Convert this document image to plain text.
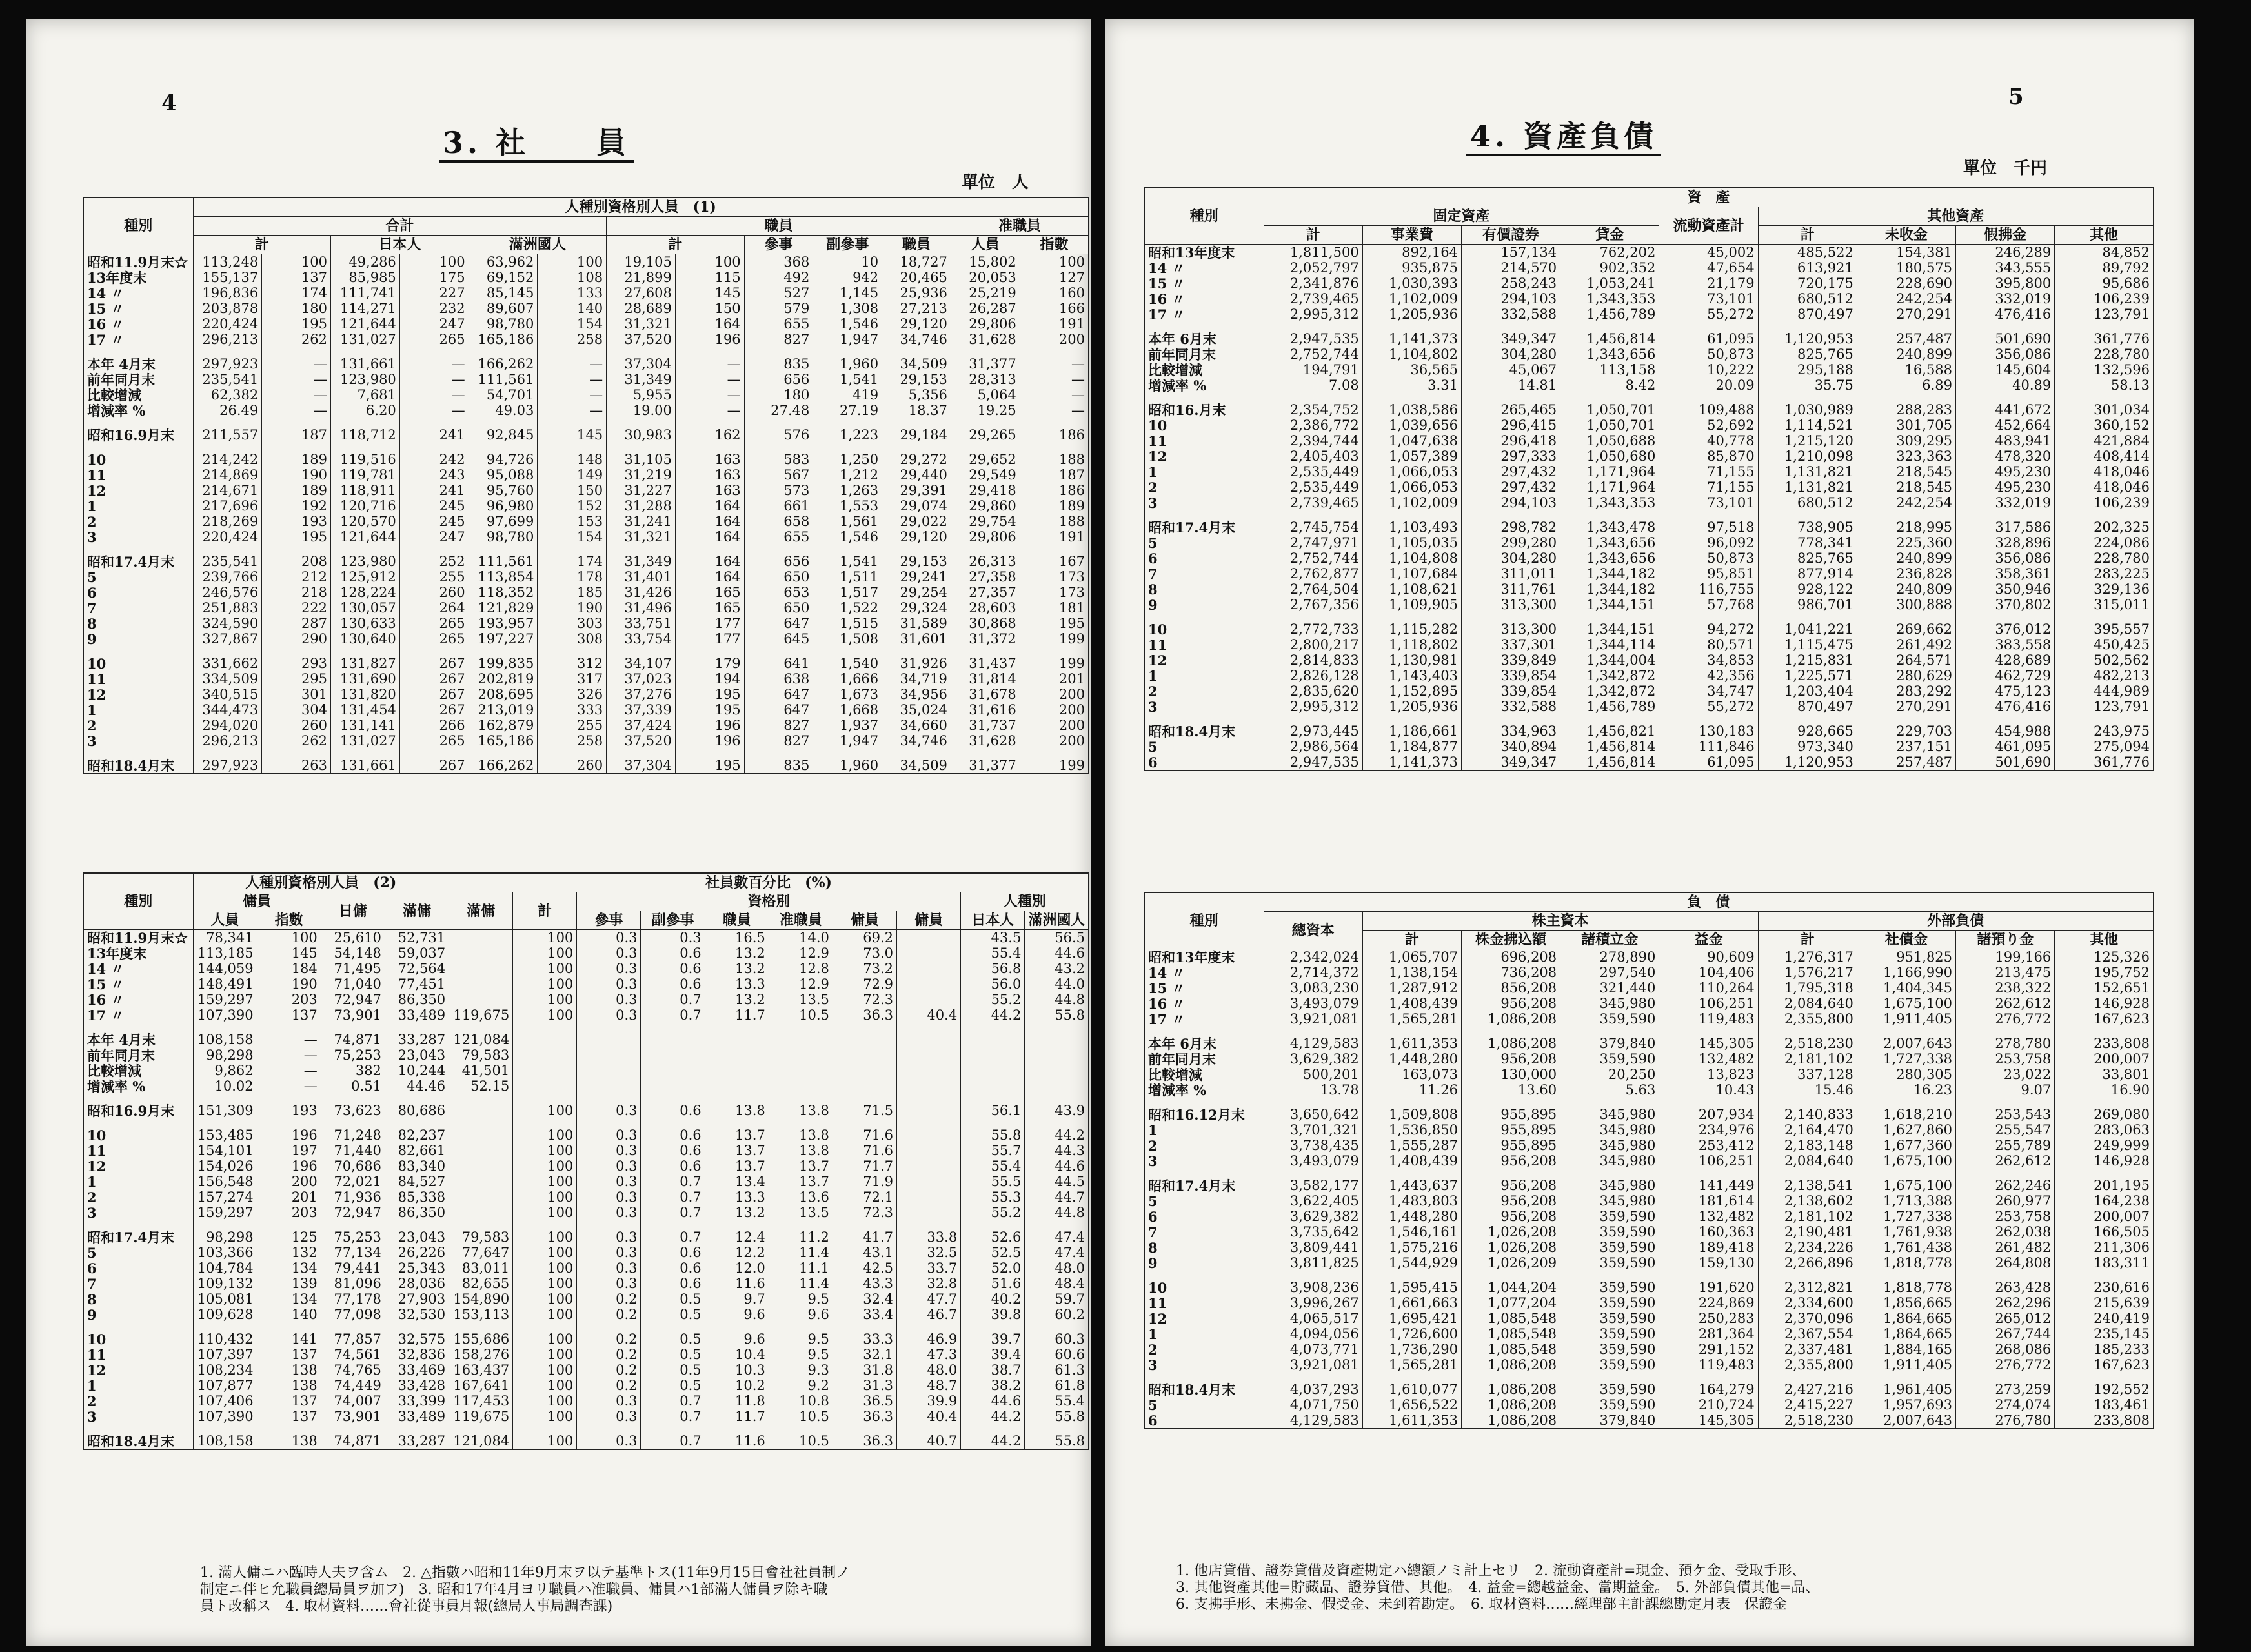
4
3. 社　　員
單位　人
種別	人種別資格別人員　(1)												
	合計						職員					准職員	
	計		日本人		滿洲國人		計		參事	副參事	職員	人員	指數
昭和11.9月末☆	113,248	100	49,286	100	63,962	100	19,105	100	368	10	18,727	15,802	100
13年度末	155,137	137	85,985	175	69,152	108	21,899	115	492	942	20,465	20,053	127
14 〃	196,836	174	111,741	227	85,145	133	27,608	145	527	1,145	25,936	25,219	160
15 〃	203,878	180	114,271	232	89,607	140	28,689	150	579	1,308	27,213	26,287	166
16 〃	220,424	195	121,644	247	98,780	154	31,321	164	655	1,546	29,120	29,806	191
17 〃	296,213	262	131,027	265	165,186	258	37,520	196	827	1,947	34,746	31,628	200

本年 4月末	297,923	—	131,661	—	166,262	—	37,304	—	835	1,960	34,509	31,377	—
前年同月末	235,541	—	123,980	—	111,561	—	31,349	—	656	1,541	29,153	28,313	—
比較增減	62,382	—	7,681	—	54,701	—	5,955	—	180	419	5,356	5,064	—
增減率 %	26.49	—	6.20	—	49.03	—	19.00	—	27.48	27.19	18.37	19.25	—

昭和16.9月末	211,557	187	118,712	241	92,845	145	30,983	162	576	1,223	29,184	29,265	186

10	214,242	189	119,516	242	94,726	148	31,105	163	583	1,250	29,272	29,652	188
11	214,869	190	119,781	243	95,088	149	31,219	163	567	1,212	29,440	29,549	187
12	214,671	189	118,911	241	95,760	150	31,227	163	573	1,263	29,391	29,418	186
1	217,696	192	120,716	245	96,980	152	31,288	164	661	1,553	29,074	29,860	189
2	218,269	193	120,570	245	97,699	153	31,241	164	658	1,561	29,022	29,754	188
3	220,424	195	121,644	247	98,780	154	31,321	164	655	1,546	29,120	29,806	191

昭和17.4月末	235,541	208	123,980	252	111,561	174	31,349	164	656	1,541	29,153	26,313	167
5	239,766	212	125,912	255	113,854	178	31,401	164	650	1,511	29,241	27,358	173
6	246,576	218	128,224	260	118,352	185	31,426	165	653	1,517	29,254	27,357	173
7	251,883	222	130,057	264	121,829	190	31,496	165	650	1,522	29,324	28,603	181
8	324,590	287	130,633	265	193,957	303	33,751	177	647	1,515	31,589	30,868	195
9	327,867	290	130,640	265	197,227	308	33,754	177	645	1,508	31,601	31,372	199

10	331,662	293	131,827	267	199,835	312	34,107	179	641	1,540	31,926	31,437	199
11	334,509	295	131,690	267	202,819	317	37,023	194	638	1,666	34,719	31,814	201
12	340,515	301	131,820	267	208,695	326	37,276	195	647	1,673	34,956	31,678	200
1	344,473	304	131,454	267	213,019	333	37,339	195	647	1,668	35,024	31,616	200
2	294,020	260	131,141	266	162,879	255	37,424	196	827	1,937	34,660	31,737	200
3	296,213	262	131,027	265	165,186	258	37,520	196	827	1,947	34,746	31,628	200

昭和18.4月末	297,923	263	131,661	267	166,262	260	37,304	195	835	1,960	34,509	31,377	199
種別	人種別資格別人員　(2)				社員數百分比　(%)									
	傭員		日傭	滿傭	滿傭	計	資格別						人種別	
	人員	指數					參事	副參事	職員	准職員	傭員	傭員	日本人	滿洲國人
昭和11.9月末☆	78,341	100	25,610	52,731		100	0.3	0.3	16.5	14.0	69.2		43.5	56.5
13年度末	113,185	145	54,148	59,037		100	0.3	0.6	13.2	12.9	73.0		55.4	44.6
14 〃	144,059	184	71,495	72,564		100	0.3	0.6	13.2	12.8	73.2		56.8	43.2
15 〃	148,491	190	71,040	77,451		100	0.3	0.6	13.3	12.9	72.9		56.0	44.0
16 〃	159,297	203	72,947	86,350		100	0.3	0.7	13.2	13.5	72.3		55.2	44.8
17 〃	107,390	137	73,901	33,489	119,675	100	0.3	0.7	11.7	10.5	36.3	40.4	44.2	55.8

本年 4月末	108,158	—	74,871	33,287	121,084									
前年同月末	98,298	—	75,253	23,043	79,583									
比較增減	9,862	—	382	10,244	41,501									
增減率 %	10.02	—	0.51	44.46	52.15									

昭和16.9月末	151,309	193	73,623	80,686		100	0.3	0.6	13.8	13.8	71.5		56.1	43.9

10	153,485	196	71,248	82,237		100	0.3	0.6	13.7	13.8	71.6		55.8	44.2
11	154,101	197	71,440	82,661		100	0.3	0.6	13.7	13.8	71.6		55.7	44.3
12	154,026	196	70,686	83,340		100	0.3	0.6	13.7	13.7	71.7		55.4	44.6
1	156,548	200	72,021	84,527		100	0.3	0.7	13.4	13.7	71.9		55.5	44.5
2	157,274	201	71,936	85,338		100	0.3	0.7	13.3	13.6	72.1		55.3	44.7
3	159,297	203	72,947	86,350		100	0.3	0.7	13.2	13.5	72.3		55.2	44.8

昭和17.4月末	98,298	125	75,253	23,043	79,583	100	0.3	0.7	12.4	11.2	41.7	33.8	52.6	47.4
5	103,366	132	77,134	26,226	77,647	100	0.3	0.6	12.2	11.4	43.1	32.5	52.5	47.4
6	104,784	134	79,441	25,343	83,011	100	0.3	0.6	12.0	11.1	42.5	33.7	52.0	48.0
7	109,132	139	81,096	28,036	82,655	100	0.3	0.6	11.6	11.4	43.3	32.8	51.6	48.4
8	105,081	134	77,178	27,903	154,890	100	0.2	0.5	9.7	9.5	32.4	47.7	40.2	59.7
9	109,628	140	77,098	32,530	153,113	100	0.2	0.5	9.6	9.6	33.4	46.7	39.8	60.2

10	110,432	141	77,857	32,575	155,686	100	0.2	0.5	9.6	9.5	33.3	46.9	39.7	60.3
11	107,397	137	74,561	32,836	158,276	100	0.2	0.5	10.4	9.5	32.1	47.3	39.4	60.6
12	108,234	138	74,765	33,469	163,437	100	0.2	0.5	10.3	9.3	31.8	48.0	38.7	61.3
1	107,877	138	74,449	33,428	167,641	100	0.2	0.5	10.2	9.2	31.3	48.7	38.2	61.8
2	107,406	137	74,007	33,399	117,453	100	0.3	0.7	11.8	10.8	36.5	39.9	44.6	55.4
3	107,390	137	73,901	33,489	119,675	100	0.3	0.7	11.7	10.5	36.3	40.4	44.2	55.8

昭和18.4月末	108,158	138	74,871	33,287	121,084	100	0.3	0.7	11.6	10.5	36.3	40.7	44.2	55.8
1. 滿人傭ニハ臨時人夫ヲ含ム　2. △指數ハ昭和11年9月末ヲ以テ基準トス(11年9月15日會社社員制ノ
制定ニ伴ヒ允職員總局員ヲ加フ)　3. 昭和17年4月ヨリ職員ハ准職員、傭員ハ1部滿人傭員ヲ除キ職
員ト改稱ス　4. 取材資料……會社從事員月報(總局人事局調查課)
5
4. 資產負債
單位　千円
種別	資　產								
	固定資產				流動資產計	其他資產			
	計	事業費	有價證券	貸金		計	未收金	假拂金	其他
昭和13年度末	1,811,500	892,164	157,134	762,202	45,002	485,522	154,381	246,289	84,852
14 〃	2,052,797	935,875	214,570	902,352	47,654	613,921	180,575	343,555	89,792
15 〃	2,341,876	1,030,393	258,243	1,053,241	21,179	720,175	228,690	395,800	95,686
16 〃	2,739,465	1,102,009	294,103	1,343,353	73,101	680,512	242,254	332,019	106,239
17 〃	2,995,312	1,205,936	332,588	1,456,789	55,272	870,497	270,291	476,416	123,791

本年 6月末	2,947,535	1,141,373	349,347	1,456,814	61,095	1,120,953	257,487	501,690	361,776
前年同月末	2,752,744	1,104,802	304,280	1,343,656	50,873	825,765	240,899	356,086	228,780
比較增減	194,791	36,565	45,067	113,158	10,222	295,188	16,588	145,604	132,596
增減率 %	7.08	3.31	14.81	8.42	20.09	35.75	6.89	40.89	58.13

昭和16.月末	2,354,752	1,038,586	265,465	1,050,701	109,488	1,030,989	288,283	441,672	301,034
10	2,386,772	1,039,656	296,415	1,050,701	52,692	1,114,521	301,705	452,664	360,152
11	2,394,744	1,047,638	296,418	1,050,688	40,778	1,215,120	309,295	483,941	421,884
12	2,405,403	1,057,389	297,333	1,050,680	85,870	1,210,098	323,363	478,320	408,414
1	2,535,449	1,066,053	297,432	1,171,964	71,155	1,131,821	218,545	495,230	418,046
2	2,535,449	1,066,053	297,432	1,171,964	71,155	1,131,821	218,545	495,230	418,046
3	2,739,465	1,102,009	294,103	1,343,353	73,101	680,512	242,254	332,019	106,239

昭和17.4月末	2,745,754	1,103,493	298,782	1,343,478	97,518	738,905	218,995	317,586	202,325
5	2,747,971	1,105,035	299,280	1,343,656	96,092	778,341	225,360	328,896	224,086
6	2,752,744	1,104,808	304,280	1,343,656	50,873	825,765	240,899	356,086	228,780
7	2,762,877	1,107,684	311,011	1,344,182	95,851	877,914	236,828	358,361	283,225
8	2,764,504	1,108,621	311,761	1,344,182	116,755	928,122	240,809	350,946	329,136
9	2,767,356	1,109,905	313,300	1,344,151	57,768	986,701	300,888	370,802	315,011

10	2,772,733	1,115,282	313,300	1,344,151	94,272	1,041,221	269,662	376,012	395,557
11	2,800,217	1,118,802	337,301	1,344,114	80,571	1,115,475	261,492	383,558	450,425
12	2,814,833	1,130,981	339,849	1,344,004	34,853	1,215,831	264,571	428,689	502,562
1	2,826,128	1,143,403	339,854	1,342,872	42,356	1,225,571	280,629	462,729	482,213
2	2,835,620	1,152,895	339,854	1,342,872	34,747	1,203,404	283,292	475,123	444,989
3	2,995,312	1,205,936	332,588	1,456,789	55,272	870,497	270,291	476,416	123,791

昭和18.4月末	2,973,445	1,186,661	334,963	1,456,821	130,183	928,665	229,703	454,988	243,975
5	2,986,564	1,184,877	340,894	1,456,814	111,846	973,340	237,151	461,095	275,094
6	2,947,535	1,141,373	349,347	1,456,814	61,095	1,120,953	257,487	501,690	361,776
種別	負　債								
	總資本	株主資本				外部負債			
		計	株金拂込額	諸積立金	益金	計	社債金	諸預り金	其他
昭和13年度末	2,342,024	1,065,707	696,208	278,890	90,609	1,276,317	951,825	199,166	125,326
14 〃	2,714,372	1,138,154	736,208	297,540	104,406	1,576,217	1,166,990	213,475	195,752
15 〃	3,083,230	1,287,912	856,208	321,440	110,264	1,795,318	1,404,345	238,322	152,651
16 〃	3,493,079	1,408,439	956,208	345,980	106,251	2,084,640	1,675,100	262,612	146,928
17 〃	3,921,081	1,565,281	1,086,208	359,590	119,483	2,355,800	1,911,405	276,772	167,623

本年 6月末	4,129,583	1,611,353	1,086,208	379,840	145,305	2,518,230	2,007,643	278,780	233,808
前年同月末	3,629,382	1,448,280	956,208	359,590	132,482	2,181,102	1,727,338	253,758	200,007
比較增減	500,201	163,073	130,000	20,250	13,823	337,128	280,305	23,022	33,801
增減率 %	13.78	11.26	13.60	5.63	10.43	15.46	16.23	9.07	16.90

昭和16.12月末	3,650,642	1,509,808	955,895	345,980	207,934	2,140,833	1,618,210	253,543	269,080
1	3,701,321	1,536,850	955,895	345,980	234,976	2,164,470	1,627,860	255,547	283,063
2	3,738,435	1,555,287	955,895	345,980	253,412	2,183,148	1,677,360	255,789	249,999
3	3,493,079	1,408,439	956,208	345,980	106,251	2,084,640	1,675,100	262,612	146,928

昭和17.4月末	3,582,177	1,443,637	956,208	345,980	141,449	2,138,541	1,675,100	262,246	201,195
5	3,622,405	1,483,803	956,208	345,980	181,614	2,138,602	1,713,388	260,977	164,238
6	3,629,382	1,448,280	956,208	359,590	132,482	2,181,102	1,727,338	253,758	200,007
7	3,735,642	1,546,161	1,026,208	359,590	160,363	2,190,481	1,761,938	262,038	166,505
8	3,809,441	1,575,216	1,026,208	359,590	189,418	2,234,226	1,761,438	261,482	211,306
9	3,811,825	1,544,929	1,026,209	359,590	159,130	2,266,896	1,818,778	264,808	183,311

10	3,908,236	1,595,415	1,044,204	359,590	191,620	2,312,821	1,818,778	263,428	230,616
11	3,996,267	1,661,663	1,077,204	359,590	224,869	2,334,600	1,856,665	262,296	215,639
12	4,065,517	1,695,421	1,085,548	359,590	250,283	2,370,096	1,864,665	265,012	240,419
1	4,094,056	1,726,600	1,085,548	359,590	281,364	2,367,554	1,864,665	267,744	235,145
2	4,073,771	1,736,290	1,085,548	359,590	291,152	2,337,481	1,884,165	268,086	185,233
3	3,921,081	1,565,281	1,086,208	359,590	119,483	2,355,800	1,911,405	276,772	167,623

昭和18.4月末	4,037,293	1,610,077	1,086,208	359,590	164,279	2,427,216	1,961,405	273,259	192,552
5	4,071,750	1,656,522	1,086,208	359,590	210,724	2,415,227	1,957,693	274,074	183,461
6	4,129,583	1,611,353	1,086,208	379,840	145,305	2,518,230	2,007,643	276,780	233,808
1. 他店貸借、證券貸借及資產勘定ハ總額ノミ計上セリ　2. 流動資產計=現金、預ケ金、受取手形、
3. 其他資產其他=貯藏品、證券貸借、其他。　4. 益金=總越益金、當期益金。　5. 外部負債其他=品、
6. 支拂手形、未拂金、假受金、未到着勘定。　6. 取材資料……經理部主計課總勘定月表　保證金
